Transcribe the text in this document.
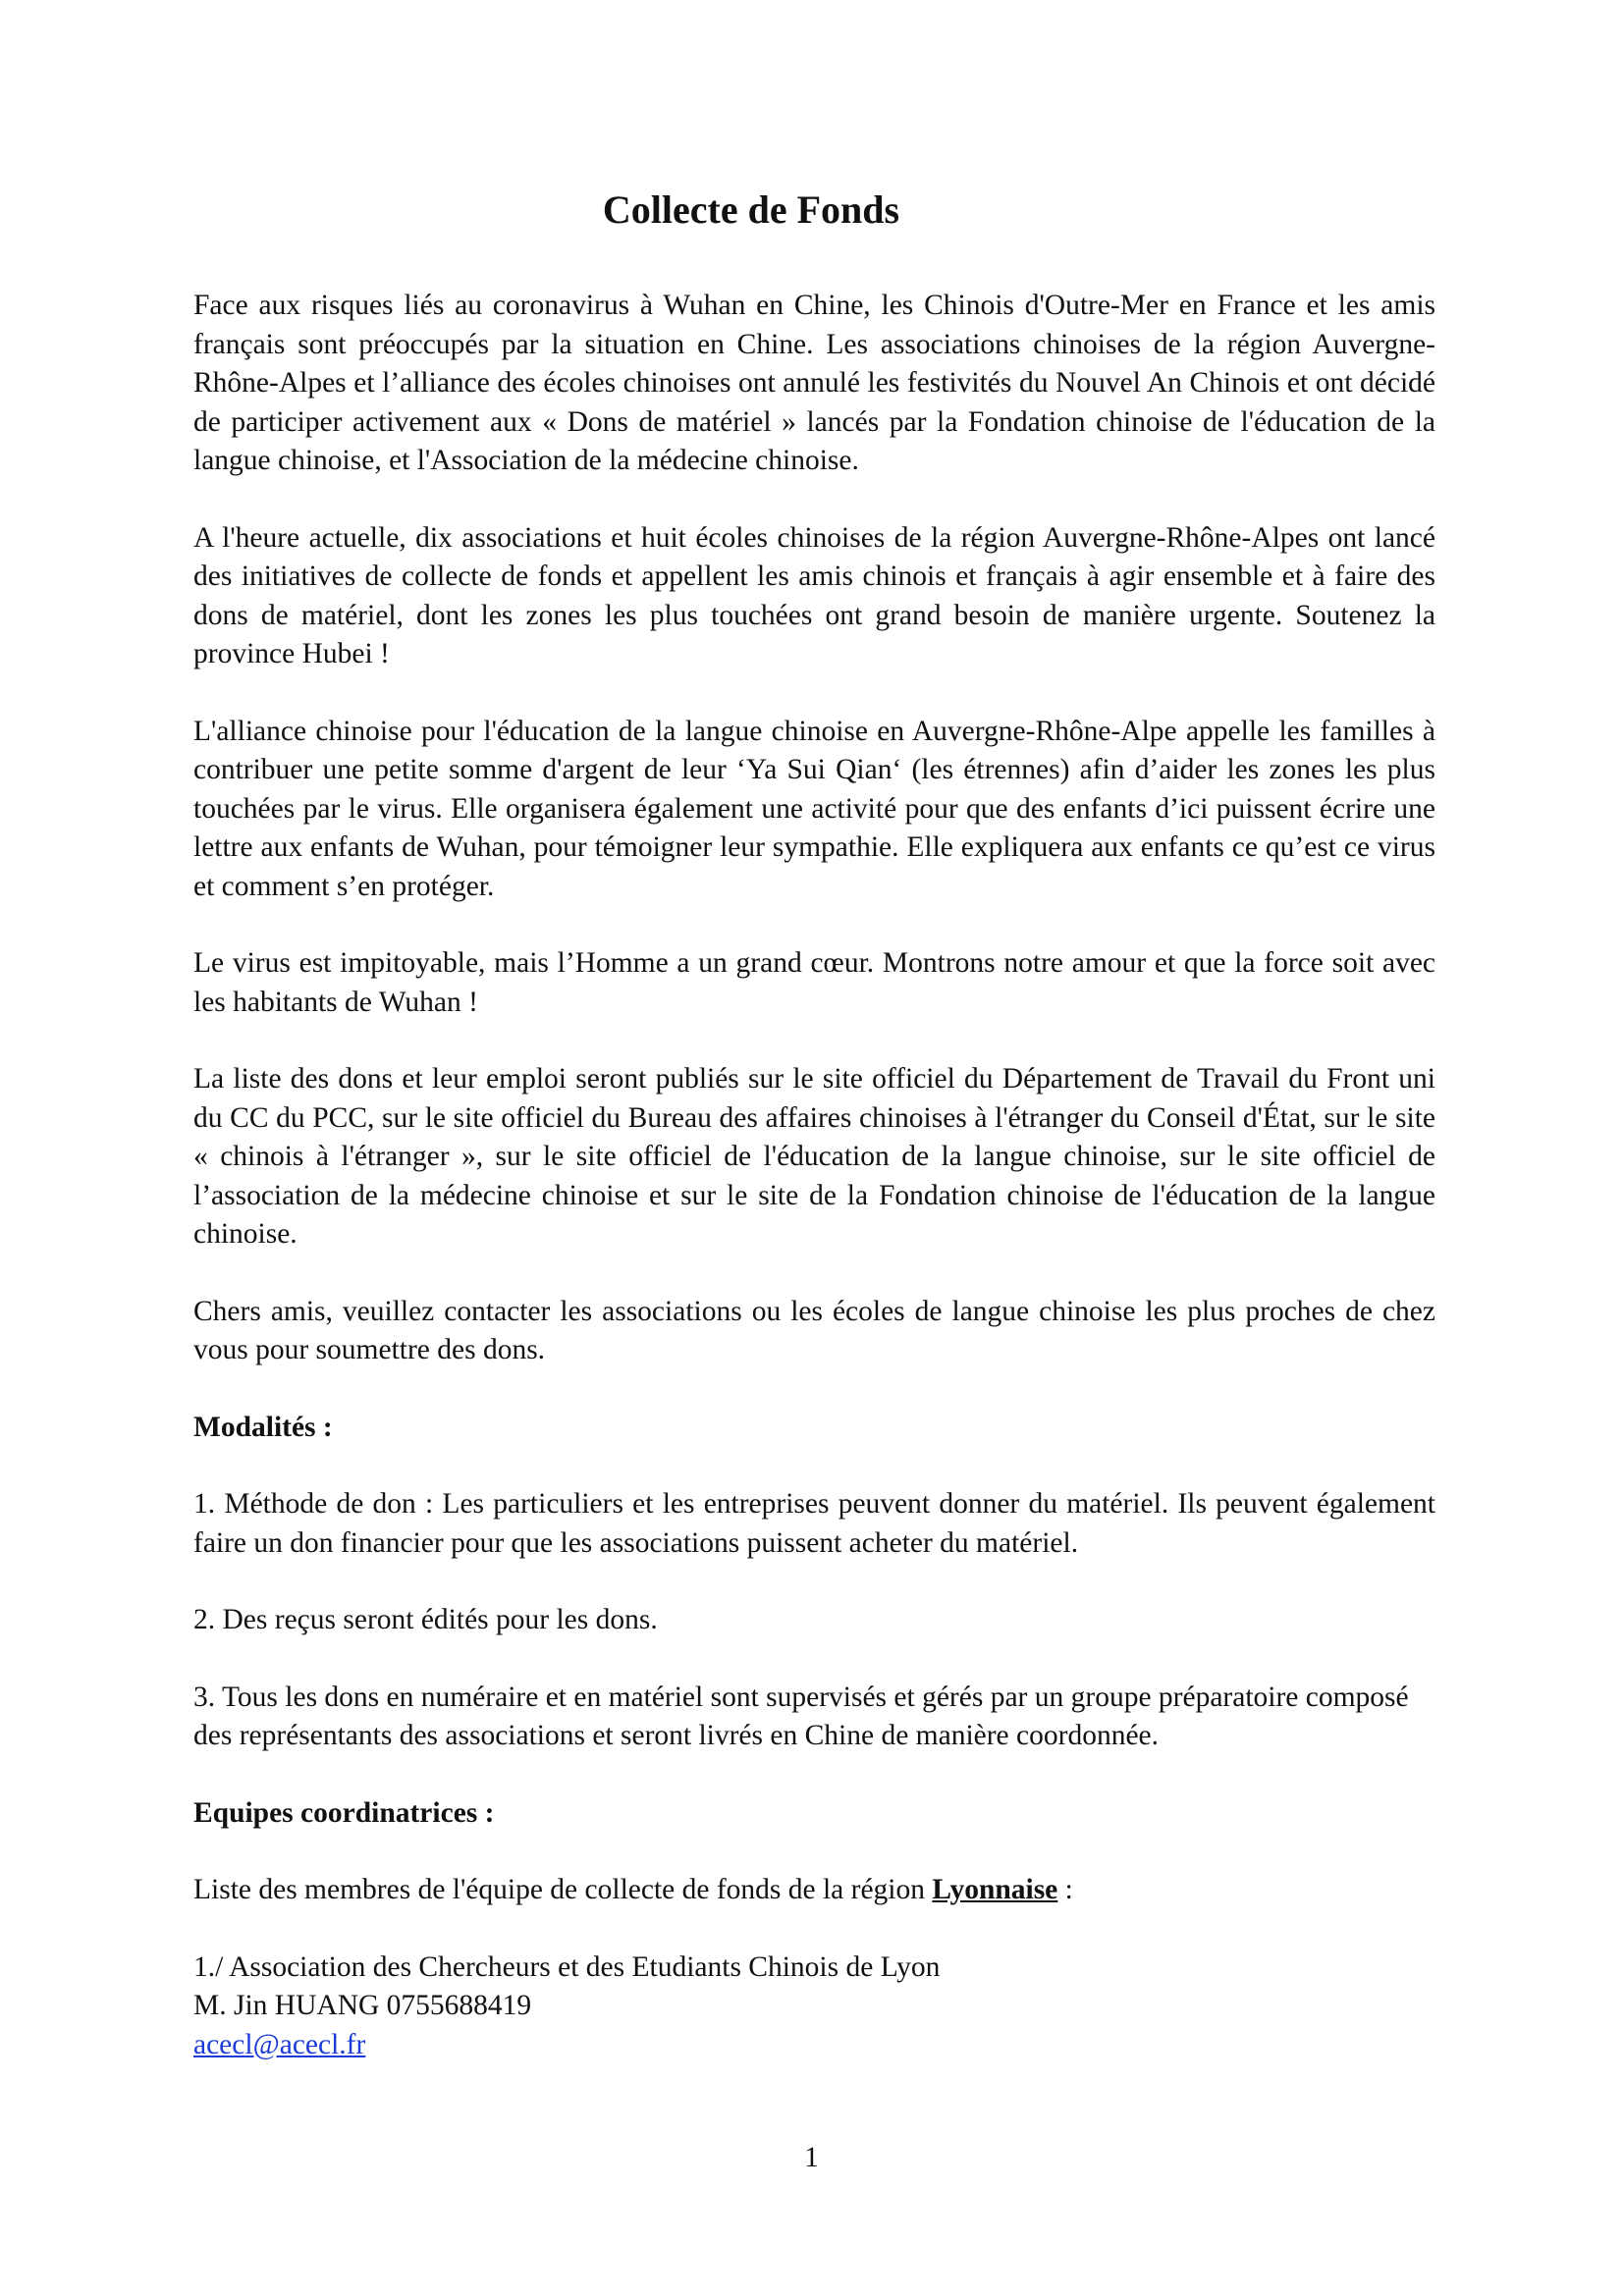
Collecte de Fonds

Face aux risques liés au coronavirus à Wuhan en Chine, les Chinois d'Outre-Mer en France et les amis français sont préoccupés par la situation en Chine. Les associations chinoises de la région Auvergne-Rhône-Alpes et l’alliance des écoles chinoises ont annulé les festivités du Nouvel An Chinois et ont décidé de participer activement aux « Dons de matériel » lancés par la Fondation chinoise de l'éducation de la langue chinoise, et l'Association de la médecine chinoise.

A l'heure actuelle, dix associations et huit écoles chinoises de la région Auvergne-Rhône-Alpes ont lancé des initiatives de collecte de fonds et appellent les amis chinois et français à agir ensemble et à faire des dons de matériel, dont les zones les plus touchées ont grand besoin de manière urgente. Soutenez la province Hubei !

L'alliance chinoise pour l'éducation de la langue chinoise en Auvergne-Rhône-Alpe appelle les familles à contribuer une petite somme d'argent de leur ‘Ya Sui Qian‘ (les étrennes) afin d’aider les zones les plus touchées par le virus. Elle organisera également une activité pour que des enfants d’ici puissent écrire une lettre aux enfants de Wuhan, pour témoigner leur sympathie. Elle expliquera aux enfants ce qu’est ce virus et comment s’en protéger.

Le virus est impitoyable, mais l’Homme a un grand cœur. Montrons notre amour et que la force soit avec les habitants de Wuhan !

La liste des dons et leur emploi seront publiés sur le site officiel du Département de Travail du Front uni du CC du PCC, sur le site officiel du Bureau des affaires chinoises à l'étranger du Conseil d'État, sur le site « chinois à l'étranger », sur le site officiel de l'éducation de la langue chinoise, sur le site officiel de l’association de la médecine chinoise et sur le site de la Fondation chinoise de l'éducation de la langue chinoise.

Chers amis, veuillez contacter les associations ou les écoles de langue chinoise les plus proches de chez vous pour soumettre des dons.

Modalités :

1. Méthode de don : Les particuliers et les entreprises peuvent donner du matériel. Ils peuvent également faire un don financier pour que les associations puissent acheter du matériel.

2. Des reçus seront édités pour les dons.

3. Tous les dons en numéraire et en matériel sont supervisés et gérés par un groupe préparatoire composé des représentants des associations et seront livrés en Chine de manière coordonnée.

Equipes coordinatrices :

Liste des membres de l'équipe de collecte de fonds de la région Lyonnaise :

1./ Association des Chercheurs et des Etudiants Chinois de Lyon
M. Jin HUANG 0755688419
acecl@acecl.fr
1
